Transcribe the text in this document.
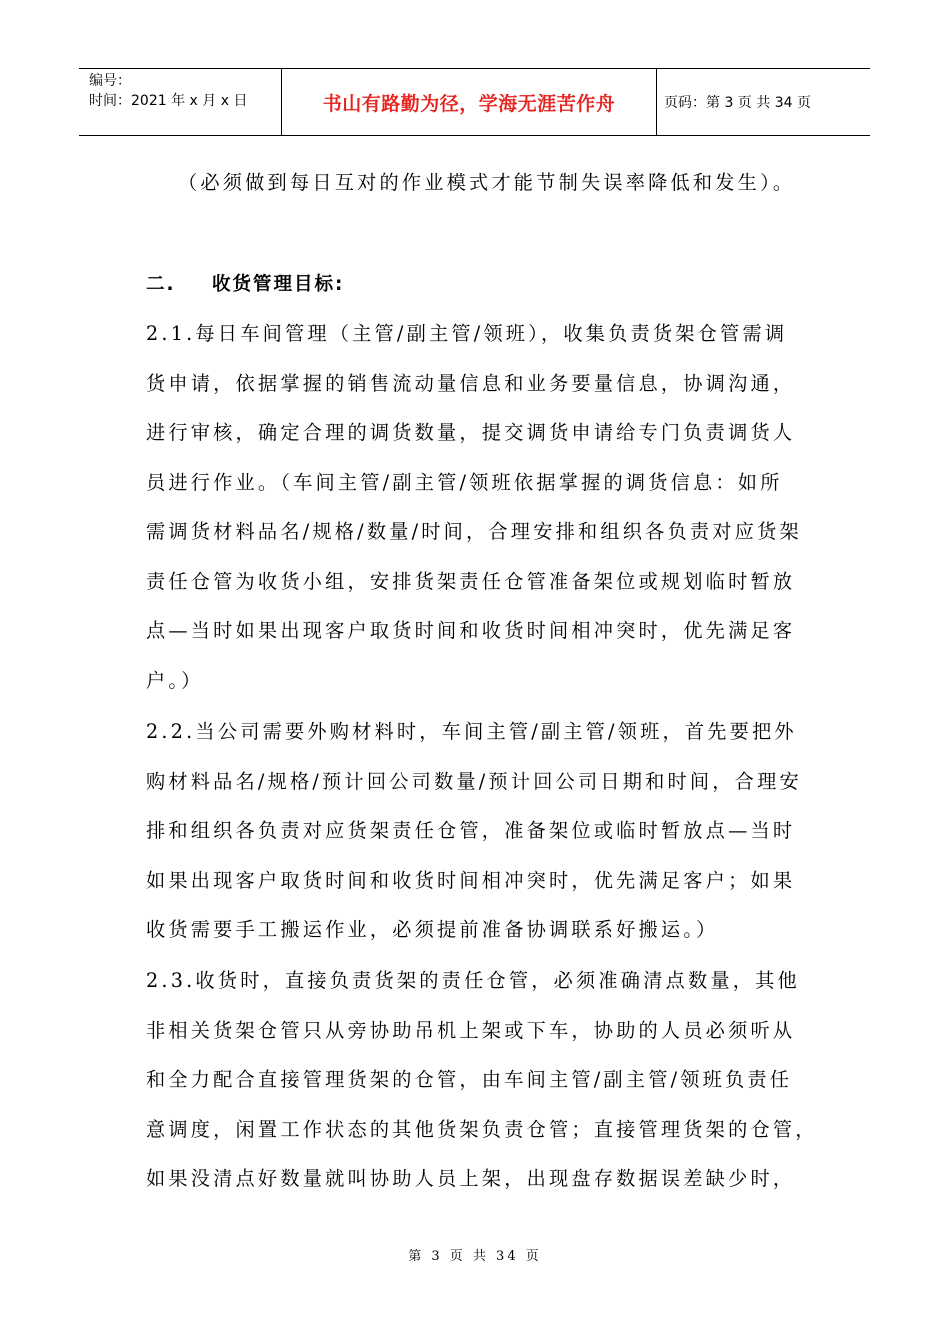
编号：
时间：2021 年 x 月 x 日	书山有路勤为径，学海无涯苦作舟	页码：第 3 页 共 34 页
（必须做到每日互对的作业模式才能节制失误率降低和发生）。
二. 收货管理目标:
2.1.每日车间管理（主管/副主管/领班），收集负责货架仓管需调
货申请，依据掌握的销售流动量信息和业务要量信息，协调沟通，
进行审核，确定合理的调货数量，提交调货申请给专门负责调货人
员进行作业。（车间主管/副主管/领班依据掌握的调货信息：如所
需调货材料品名/规格/数量/时间，合理安排和组织各负责对应货架
责任仓管为收货小组，安排货架责任仓管准备架位或规划临时暂放
点—当时如果出现客户取货时间和收货时间相冲突时，优先满足客
户。）
2.2.当公司需要外购材料时，车间主管/副主管/领班，首先要把外
购材料品名/规格/预计回公司数量/预计回公司日期和时间，合理安
排和组织各负责对应货架责任仓管，准备架位或临时暂放点—当时
如果出现客户取货时间和收货时间相冲突时，优先满足客户；如果
收货需要手工搬运作业，必须提前准备协调联系好搬运。）
2.3.收货时，直接负责货架的责任仓管，必须准确清点数量，其他
非相关货架仓管只从旁协助吊机上架或下车，协助的人员必须听从
和全力配合直接管理货架的仓管，由车间主管/副主管/领班负责任
意调度，闲置工作状态的其他货架负责仓管；直接管理货架的仓管，
如果没清点好数量就叫协助人员上架，出现盘存数据误差缺少时，
第 3 页 共 34 页
